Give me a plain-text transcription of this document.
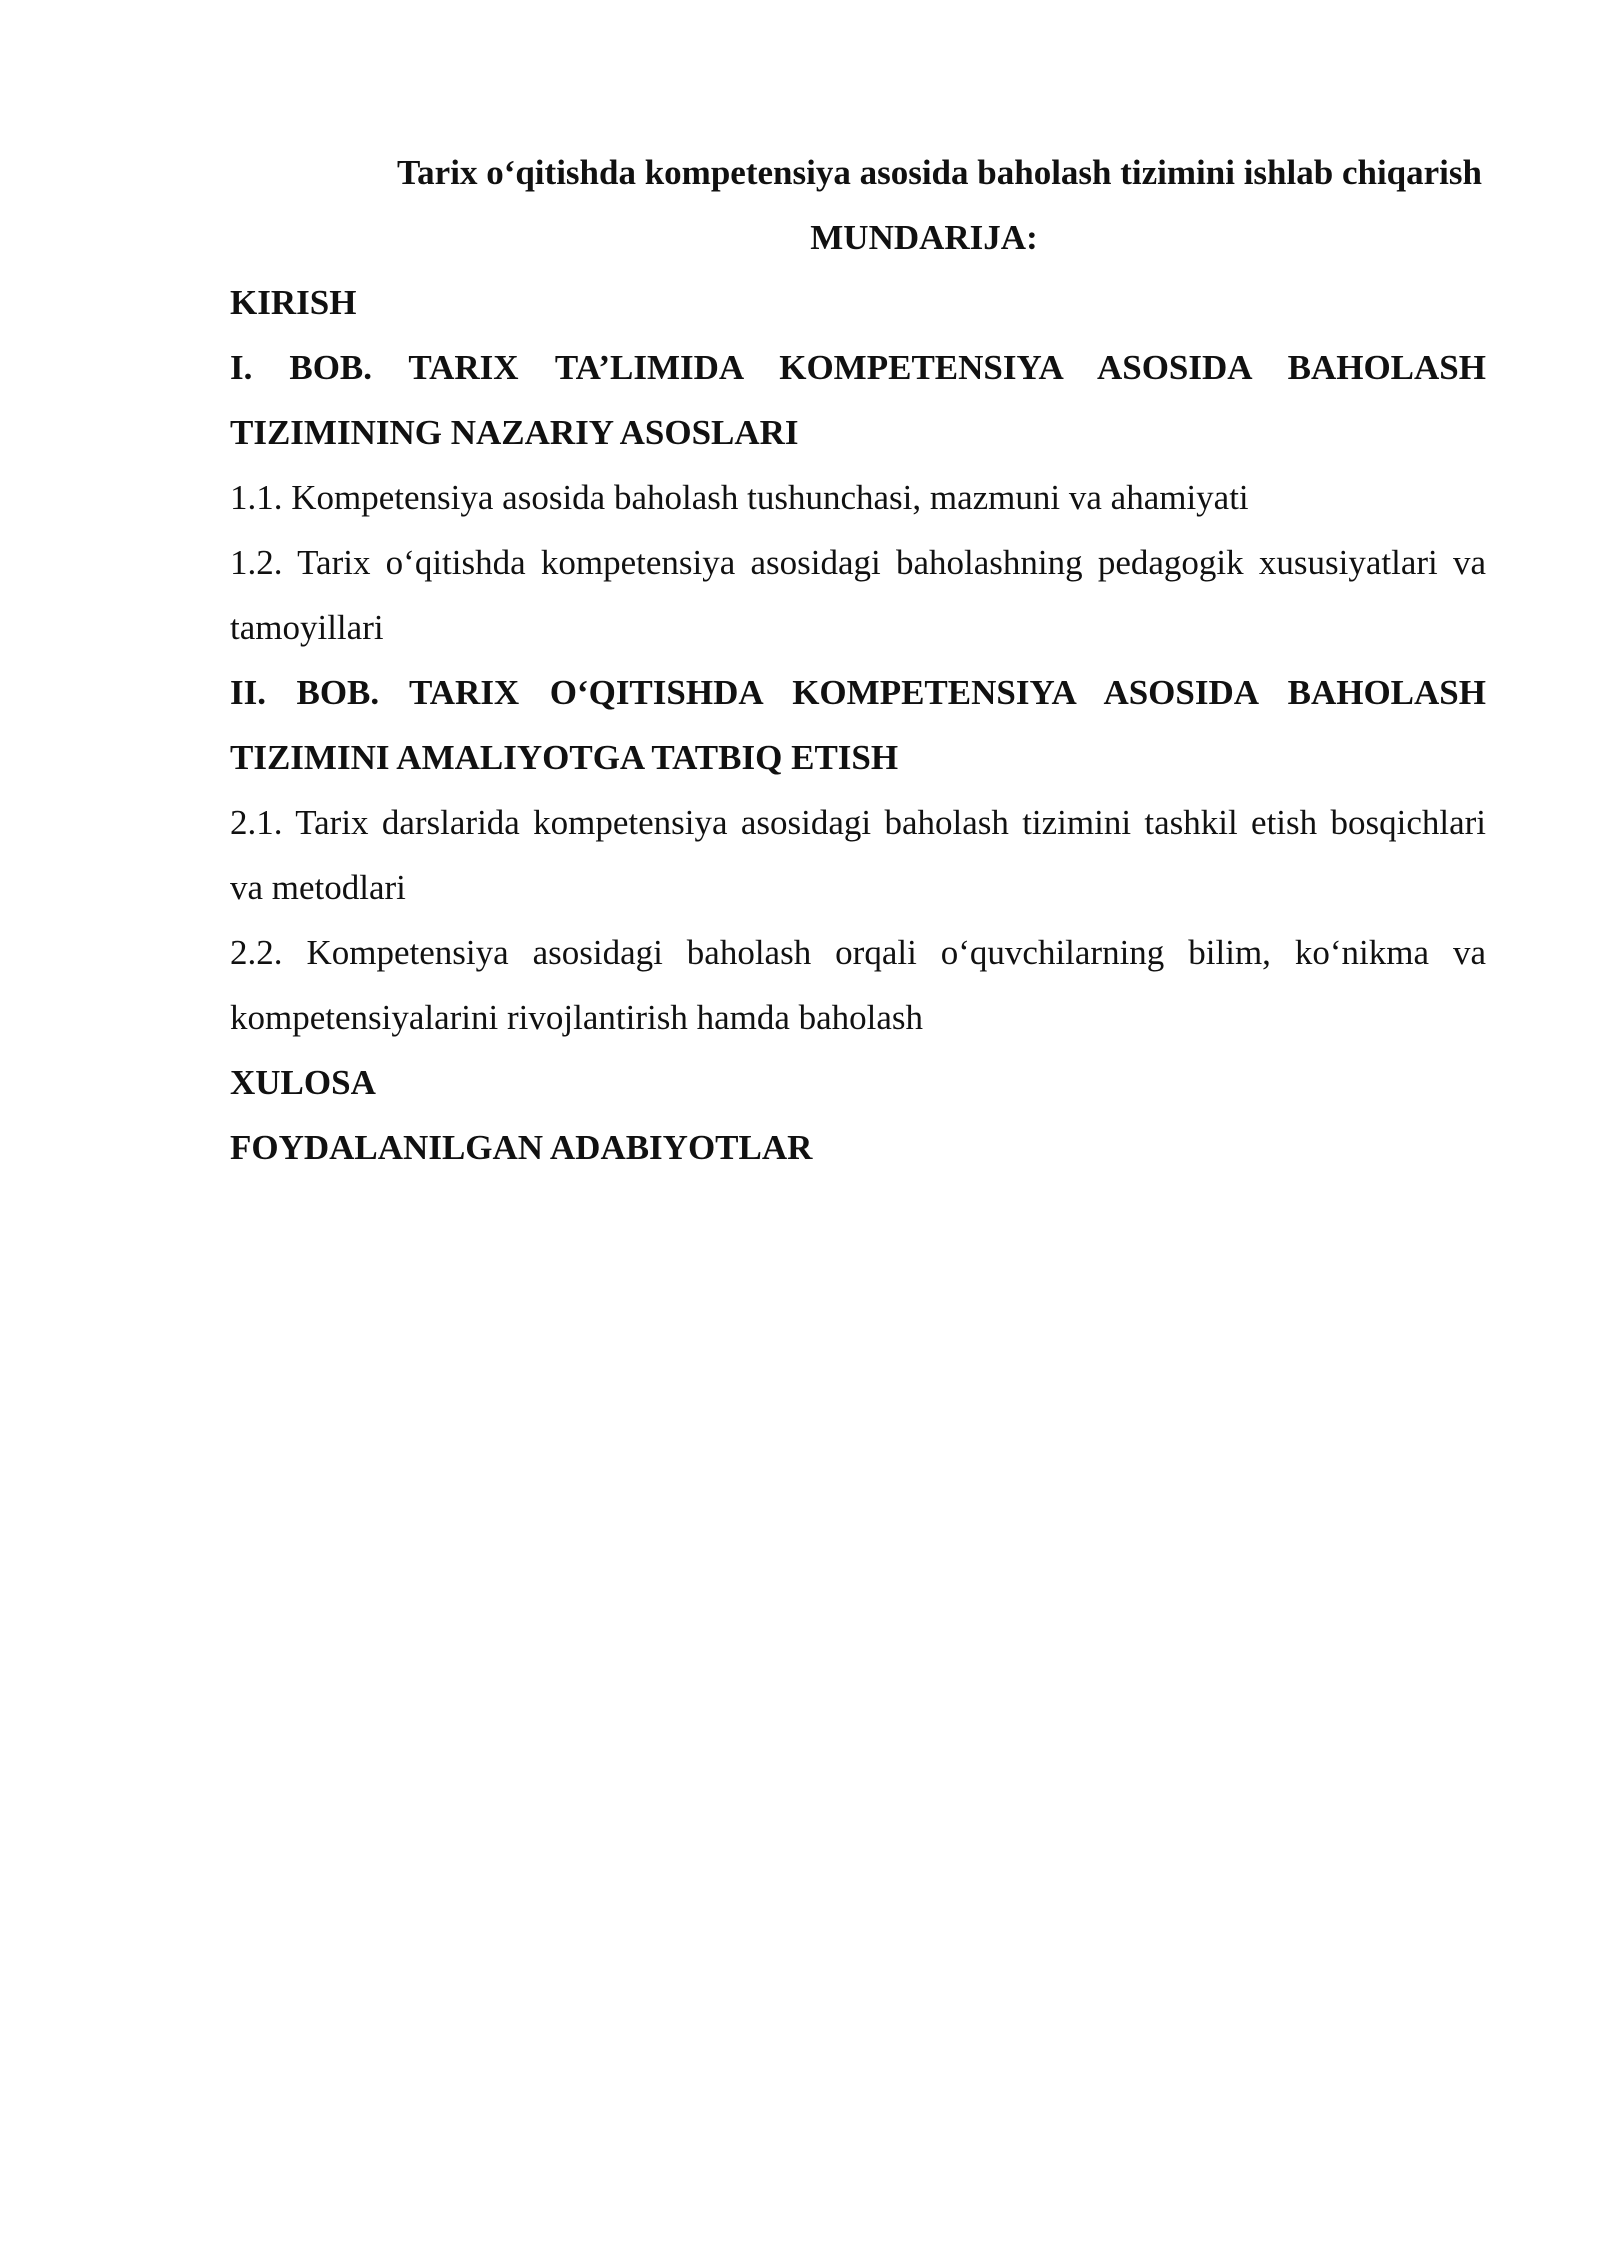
Tarix o‘qitishda kompetensiya asosida baholash tizimini ishlab chiqarish

MUNDARIJA:

KIRISH

I. BOB. TARIX TA’LIMIDA KOMPETENSIYA ASOSIDA BAHOLASH TIZIMINING NAZARIY ASOSLARI

1.1. Kompetensiya asosida baholash tushunchasi, mazmuni va ahamiyati

1.2. Tarix o‘qitishda kompetensiya asosidagi baholashning pedagogik xususiyatlari va tamoyillari

II. BOB. TARIX O‘QITISHDA KOMPETENSIYA ASOSIDA BAHOLASH TIZIMINI AMALIYOTGA TATBIQ ETISH

2.1. Tarix darslarida kompetensiya asosidagi baholash tizimini tashkil etish bosqichlari va metodlari

2.2. Kompetensiya asosidagi baholash orqali o‘quvchilarning bilim, ko‘nikma va kompetensiyalarini rivojlantirish hamda baholash

XULOSA

FOYDALANILGAN ADABIYOTLAR
